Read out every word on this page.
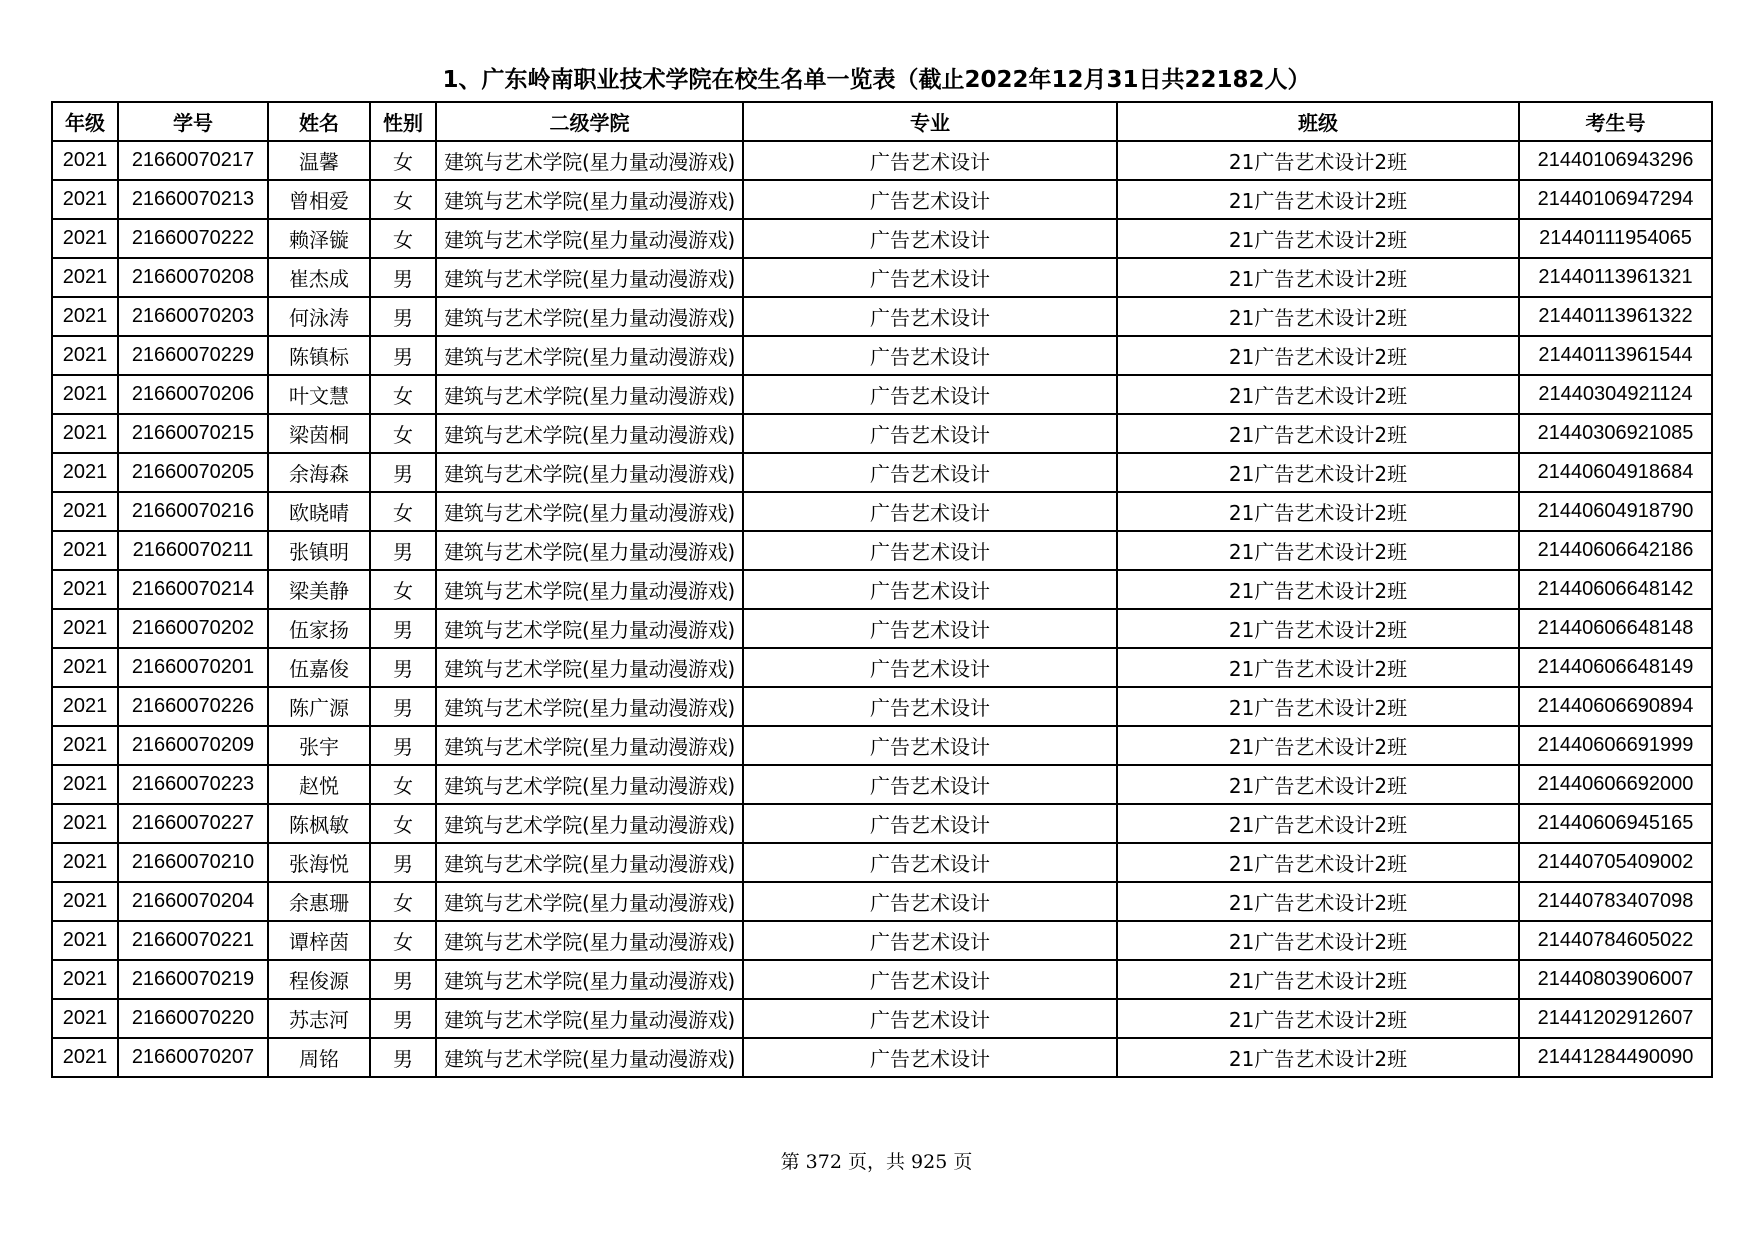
1、广东岭南职业技术学院在校生名单一览表（截止2022年12月31日共22182人）
年级	学号	姓名	性别	二级学院	专业	班级	考生号
2021	21660070217	温馨	女	建筑与艺术学院(星力量动漫游戏)	广告艺术设计	21广告艺术设计2班	21440106943296
2021	21660070213	曾相爱	女	建筑与艺术学院(星力量动漫游戏)	广告艺术设计	21广告艺术设计2班	21440106947294
2021	21660070222	赖泽镟	女	建筑与艺术学院(星力量动漫游戏)	广告艺术设计	21广告艺术设计2班	21440111954065
2021	21660070208	崔杰成	男	建筑与艺术学院(星力量动漫游戏)	广告艺术设计	21广告艺术设计2班	21440113961321
2021	21660070203	何泳涛	男	建筑与艺术学院(星力量动漫游戏)	广告艺术设计	21广告艺术设计2班	21440113961322
2021	21660070229	陈镇标	男	建筑与艺术学院(星力量动漫游戏)	广告艺术设计	21广告艺术设计2班	21440113961544
2021	21660070206	叶文慧	女	建筑与艺术学院(星力量动漫游戏)	广告艺术设计	21广告艺术设计2班	21440304921124
2021	21660070215	梁茵桐	女	建筑与艺术学院(星力量动漫游戏)	广告艺术设计	21广告艺术设计2班	21440306921085
2021	21660070205	余海森	男	建筑与艺术学院(星力量动漫游戏)	广告艺术设计	21广告艺术设计2班	21440604918684
2021	21660070216	欧晓晴	女	建筑与艺术学院(星力量动漫游戏)	广告艺术设计	21广告艺术设计2班	21440604918790
2021	21660070211	张镇明	男	建筑与艺术学院(星力量动漫游戏)	广告艺术设计	21广告艺术设计2班	21440606642186
2021	21660070214	梁美静	女	建筑与艺术学院(星力量动漫游戏)	广告艺术设计	21广告艺术设计2班	21440606648142
2021	21660070202	伍家扬	男	建筑与艺术学院(星力量动漫游戏)	广告艺术设计	21广告艺术设计2班	21440606648148
2021	21660070201	伍嘉俊	男	建筑与艺术学院(星力量动漫游戏)	广告艺术设计	21广告艺术设计2班	21440606648149
2021	21660070226	陈广源	男	建筑与艺术学院(星力量动漫游戏)	广告艺术设计	21广告艺术设计2班	21440606690894
2021	21660070209	张宇	男	建筑与艺术学院(星力量动漫游戏)	广告艺术设计	21广告艺术设计2班	21440606691999
2021	21660070223	赵悦	女	建筑与艺术学院(星力量动漫游戏)	广告艺术设计	21广告艺术设计2班	21440606692000
2021	21660070227	陈枫敏	女	建筑与艺术学院(星力量动漫游戏)	广告艺术设计	21广告艺术设计2班	21440606945165
2021	21660070210	张海悦	男	建筑与艺术学院(星力量动漫游戏)	广告艺术设计	21广告艺术设计2班	21440705409002
2021	21660070204	余惠珊	女	建筑与艺术学院(星力量动漫游戏)	广告艺术设计	21广告艺术设计2班	21440783407098
2021	21660070221	谭梓茵	女	建筑与艺术学院(星力量动漫游戏)	广告艺术设计	21广告艺术设计2班	21440784605022
2021	21660070219	程俊源	男	建筑与艺术学院(星力量动漫游戏)	广告艺术设计	21广告艺术设计2班	21440803906007
2021	21660070220	苏志河	男	建筑与艺术学院(星力量动漫游戏)	广告艺术设计	21广告艺术设计2班	21441202912607
2021	21660070207	周铭	男	建筑与艺术学院(星力量动漫游戏)	广告艺术设计	21广告艺术设计2班	21441284490090
第 372 页，共 925 页
